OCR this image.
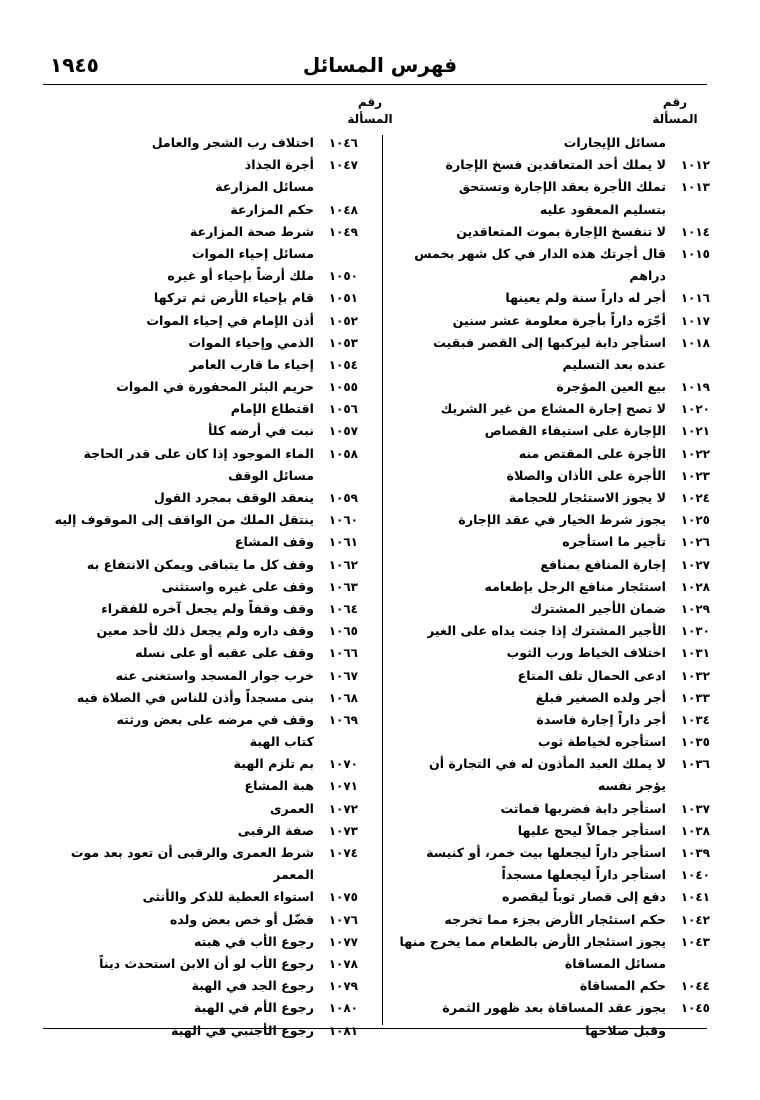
فهرس المسائل
١٩٤٥
رقم
المسألة
رقم
المسألة
مسائل الإيجارات
١٠١٢
لا يملك أحد المتعاقدين فسخ الإجارة
١٠١٣
تملك الأجرة بعقد الإجارة وتستحق
بتسليم المعقود عليه
١٠١٤
لا تنفسخ الإجارة بموت المتعاقدين
١٠١٥
قال أجرتك هذه الدار في كل شهر بخمس
دراهم
١٠١٦
أجر له داراً سنة ولم يعينها
١٠١٧
أجّرَه داراً بأجرة معلومة عشر سنين
١٠١٨
استأجر دابة ليركبها إلى القصر فبقيت
عنده بعد التسليم
١٠١٩
بيع العين المؤجرة
١٠٢٠
لا تصح إجارة المشاع من غير الشريك
١٠٢١
الإجارة على استيفاء القصاص
١٠٢٢
الأجرة على المقتص منه
١٠٢٣
الأجرة على الأذان والصلاة
١٠٢٤
لا يجوز الاستئجار للحجامة
١٠٢٥
يجوز شرط الخيار في عقد الإجارة
١٠٢٦
تأجير ما استأجره
١٠٢٧
إجارة المنافع بمنافع
١٠٢٨
استئجار منافع الرجل بإطعامه
١٠٢٩
ضمان الأجير المشترك
١٠٣٠
الأجير المشترك إذا جنت يداه على الغير
١٠٣١
اختلاف الخياط ورب الثوب
١٠٣٢
ادعى الحمال تلف المتاع
١٠٣٣
أجر ولده الصغير فبلغ
١٠٣٤
أجر داراً إجارة فاسدة
١٠٣٥
استأجره لخياطة ثوب
١٠٣٦
لا يملك العبد المأذون له في التجارة أن
يؤجر نفسه
١٠٣٧
استأجر دابة فضربها فماتت
١٠٣٨
استأجر جمالاً ليحج عليها
١٠٣٩
استأجر داراً ليجعلها بيت خمر، أو كنيسة
١٠٤٠
استأجر داراً ليجعلها مسجداً
١٠٤١
دفع إلى قصار ثوباً ليقصره
١٠٤٢
حكم استئجار الأرض بجزء مما تخرجه
١٠٤٣
يجوز استئجار الأرض بالطعام مما يخرج منها
مسائل المساقاة
١٠٤٤
حكم المساقاة
١٠٤٥
يجوز عقد المساقاة بعد ظهور الثمرة
وقبل صلاحها
١٠٤٦
اختلاف رب الشجر والعامل
١٠٤٧
أجرة الجذاذ
مسائل المزارعة
١٠٤٨
حكم المزارعة
١٠٤٩
شرط صحة المزارعة
مسائل إحياء الموات
١٠٥٠
ملك أرضاً بإحياء أو غيره
١٠٥١
قام بإحياء الأرض ثم تركها
١٠٥٢
أذن الإمام في إحياء الموات
١٠٥٣
الذمي وإحياء الموات
١٠٥٤
إحياء ما قارب العامر
١٠٥٥
حريم البئر المحفورة في الموات
١٠٥٦
اقتطاع الإمام
١٠٥٧
نبت في أرضه كلأ
١٠٥٨
الماء الموجود إذا كان على قدر الحاجة
مسائل الوقف
١٠٥٩
ينعقد الوقف بمجرد القول
١٠٦٠
ينتقل الملك من الواقف إلى الموقوف إليه
١٠٦١
وقف المشاع
١٠٦٢
وقف كل ما يتباقى ويمكن الانتفاع به
١٠٦٣
وقف على غيره واستثنى
١٠٦٤
وقف وقفاً ولم يجعل آخره للفقراء
١٠٦٥
وقف داره ولم يجعل ذلك لأحد معين
١٠٦٦
وقف على عقبه أو على نسله
١٠٦٧
خرب جوار المسجد واستغنى عنه
١٠٦٨
بنى مسجداً وأذن للناس في الصلاة فيه
١٠٦٩
وقف في مرضه على بعض ورثته
كتاب الهبة
١٠٧٠
بم تلزم الهبة
١٠٧١
هبة المشاع
١٠٧٢
العمرى
١٠٧٣
صفة الرقبى
١٠٧٤
شرط العمرى والرقبى أن تعود بعد موت
المعمر
١٠٧٥
استواء العطية للذكر والأنثى
١٠٧٦
فضّل أو خص بعض ولده
١٠٧٧
رجوع الأب في هبته
١٠٧٨
رجوع الأب لو أن الابن استحدث ديناً
١٠٧٩
رجوع الجد في الهبة
١٠٨٠
رجوع الأم في الهبة
١٠٨١
رجوع الأجنبي في الهبة
